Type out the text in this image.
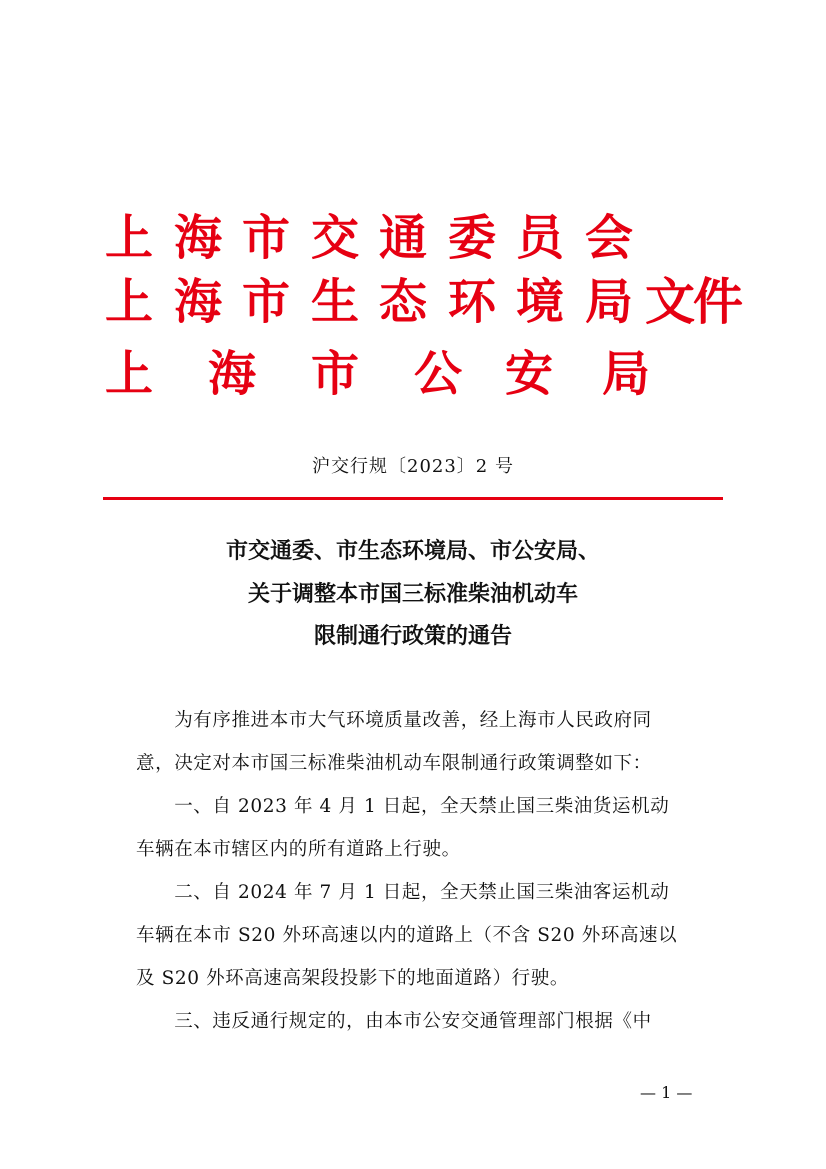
上 海 市 交 通 委 员 会
上 海 市 生 态 环 境 局 文件
上 海 市 公 安 局
沪交行规〔2023〕2 号
市交通委、市生态环境局、市公安局、
关于调整本市国三标准柴油机动车
限制通行政策的通告
　　为有序推进本市大气环境质量改善，经上海市人民政府同
意，决定对本市国三标准柴油机动车限制通行政策调整如下：
　　一、自 2023 年 4 月 1 日起，全天禁止国三柴油货运机动
车辆在本市辖区内的所有道路上行驶。
　　二、自 2024 年 7 月 1 日起，全天禁止国三柴油客运机动
车辆在本市 S20 外环高速以内的道路上（不含 S20 外环高速以
及 S20 外环高速高架段投影下的地面道路）行驶。
　　三、违反通行规定的，由本市公安交通管理部门根据《中
— 1 —
